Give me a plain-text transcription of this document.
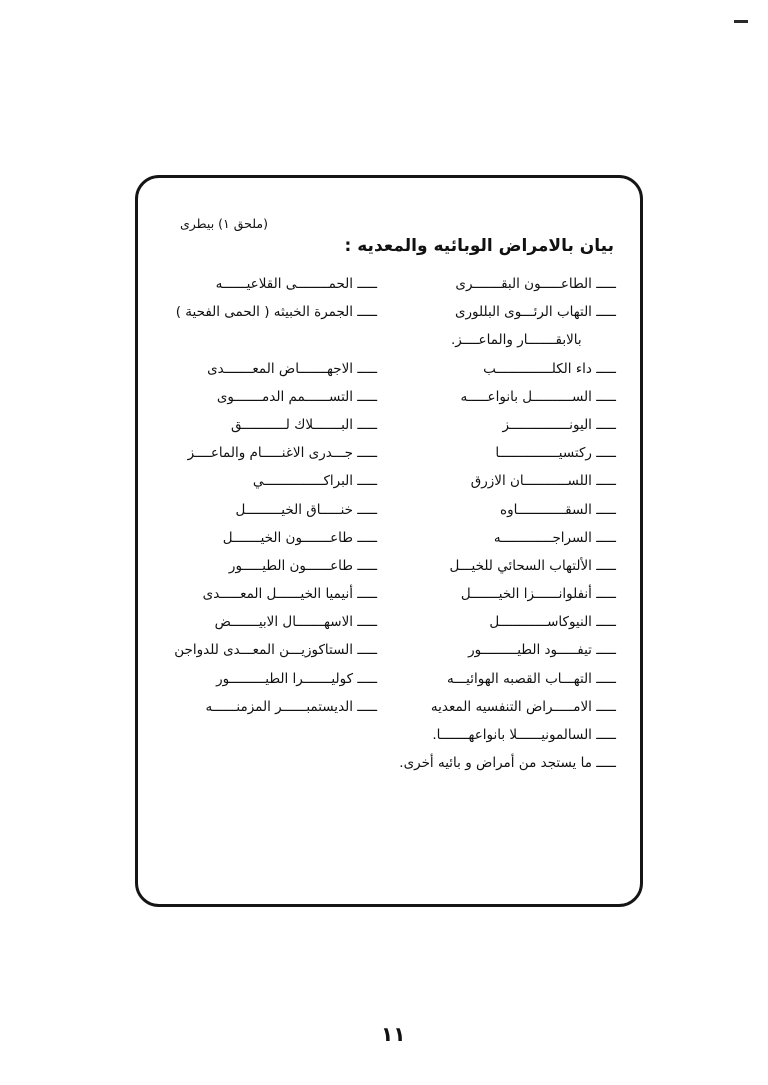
(ملحق ١) بيطرى
بيان بالامراض الوبائيه والمعديه :
ـــــ الطاعـــــون البقـــــــرى
ـــــ الحمــــــــى القلاعيــــــه
ـــــ التهاب الرئـــوى البللورى
ـــــ الجمرة الخبيثه ( الحمى الفحية )
بالابقـــــــار والماعــــز.
ـــــ داء الكلــــــــــــــب
ـــــ الاجهـــــــاض المعـــــــدى
ـــــ الســــــــــل بانواعـــــه
ـــــ التســــــمم الدمـــــــوى
ـــــ اليونـــــــــــــــز
ـــــ البـــــــلاك لـــــــــــق
ـــــ ركتسيـــــــــــــــا
ـــــ جـــدرى الاغنـــــام والماعــــز
ـــــ اللســـــــــــان الازرق
ـــــ البراكـــــــــــــــي
ـــــ السقــــــــــــاوه
ـــــ خنـــــاق الخيـــــــــل
ـــــ السراجـــــــــــــه
ـــــ طاعـــــــون الخيـــــــل
ـــــ الألتهاب السحائي للخيـــل
ـــــ طاعــــــون الطيـــــور
ـــــ أنفلوانــــــزا الخيـــــــل
ـــــ أنيميا الخيــــــل المعـــــدى
ـــــ النيوكاســــــــــــل
ـــــ الاسهـــــــال الابيـــــــض
ـــــ تيفـــــود الطيـــــــــور
ـــــ الستاكوزيـــن المعـــدى للدواجن
ـــــ التهـــاب القصبه الهوائيـــه
ـــــ كوليـــــــرا الطيـــــــــور
ـــــ الامـــــراض التنفسيه المعديه
ـــــ الديستمبــــــر المزمنــــــه
ـــــ السالمونيــــــلا بانواعهـــــــا.
ـــــ ما يستجد من أمراض و بائيه أخرى.
١١
